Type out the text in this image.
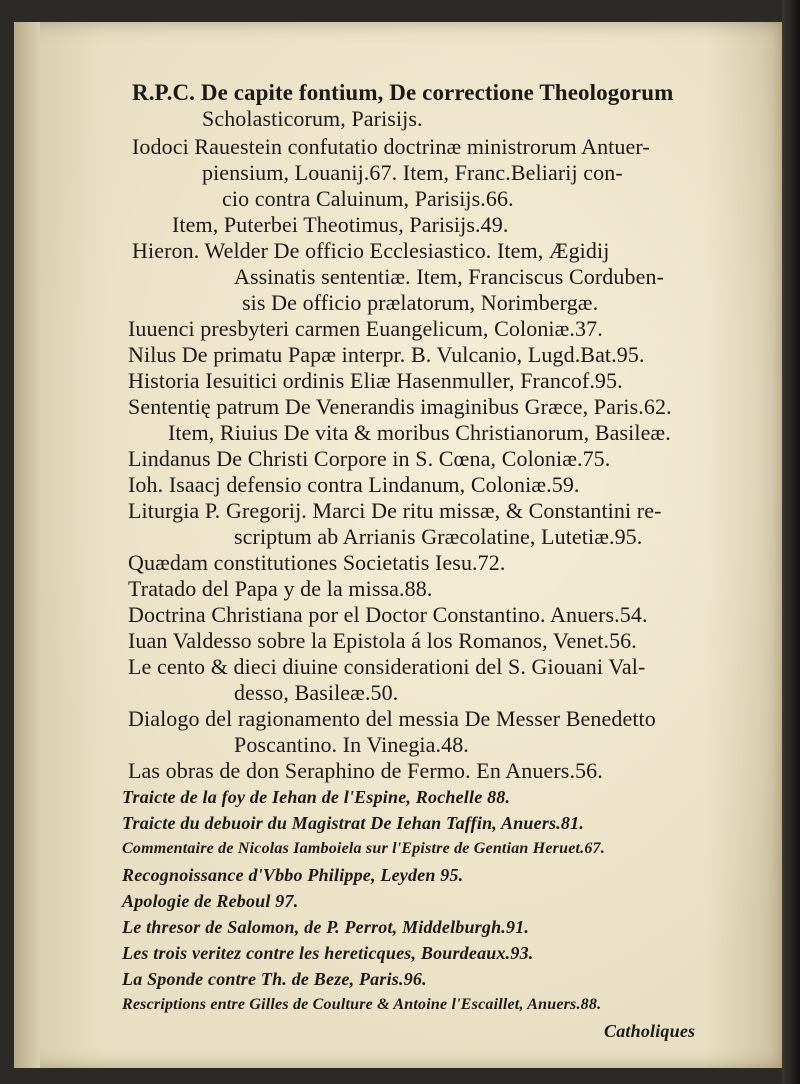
R.P.C. De capite fontium, De correctione Theologorum
Scholasticorum, Parisijs.
Iodoci Rauestein confutatio doctrinæ ministrorum Antuer-
piensium, Louanij.67. Item, Franc.Beliarij con-
cio contra Caluinum, Parisijs.66.
Item, Puterbei Theotimus, Parisijs.49.
Hieron. Welder De officio Ecclesiastico. Item, Ægidij
Assinatis sententiæ. Item, Franciscus Corduben-
sis De officio prælatorum, Norimbergæ.
Iuuenci presbyteri carmen Euangelicum, Coloniæ.37.
Nilus De primatu Papæ interpr. B. Vulcanio, Lugd.Bat.95.
Historia Iesuitici ordinis Eliæ Hasenmuller, Francof.95.
Sententię patrum De Venerandis imaginibus Græce, Paris.62.
Item, Riuius De vita & moribus Christianorum, Basileæ.
Lindanus De Christi Corpore in S. Cœna, Coloniæ.75.
Ioh. Isaacj defensio contra Lindanum, Coloniæ.59.
Liturgia P. Gregorij. Marci De ritu missæ, & Constantini re-
scriptum ab Arrianis Græcolatine, Lutetiæ.95.
Quædam constitutiones Societatis Iesu.72.
Tratado del Papa y de la missa.88.
Doctrina Christiana por el Doctor Constantino. Anuers.54.
Iuan Valdesso sobre la Epistola á los Romanos, Venet.56.
Le cento & dieci diuine considerationi del S. Giouani Val-
desso, Basileæ.50.
Dialogo del ragionamento del messia De Messer Benedetto
Poscantino. In Vinegia.48.
Las obras de don Seraphino de Fermo. En Anuers.56.
Traicte de la foy de Iehan de l'Espine, Rochelle 88.
Traicte du debuoir du Magistrat De Iehan Taffin, Anuers.81.
Commentaire de Nicolas Iamboiela sur l'Epistre de Gentian Heruet.67.
Recognoissance d'Vbbo Philippe, Leyden 95.
Apologie de Reboul 97.
Le thresor de Salomon, de P. Perrot, Middelburgh.91.
Les trois veritez contre les hereticques, Bourdeaux.93.
La Sponde contre Th. de Beze, Paris.96.
Rescriptions entre Gilles de Coulture & Antoine l'Escaillet, Anuers.88.
Catholiques
